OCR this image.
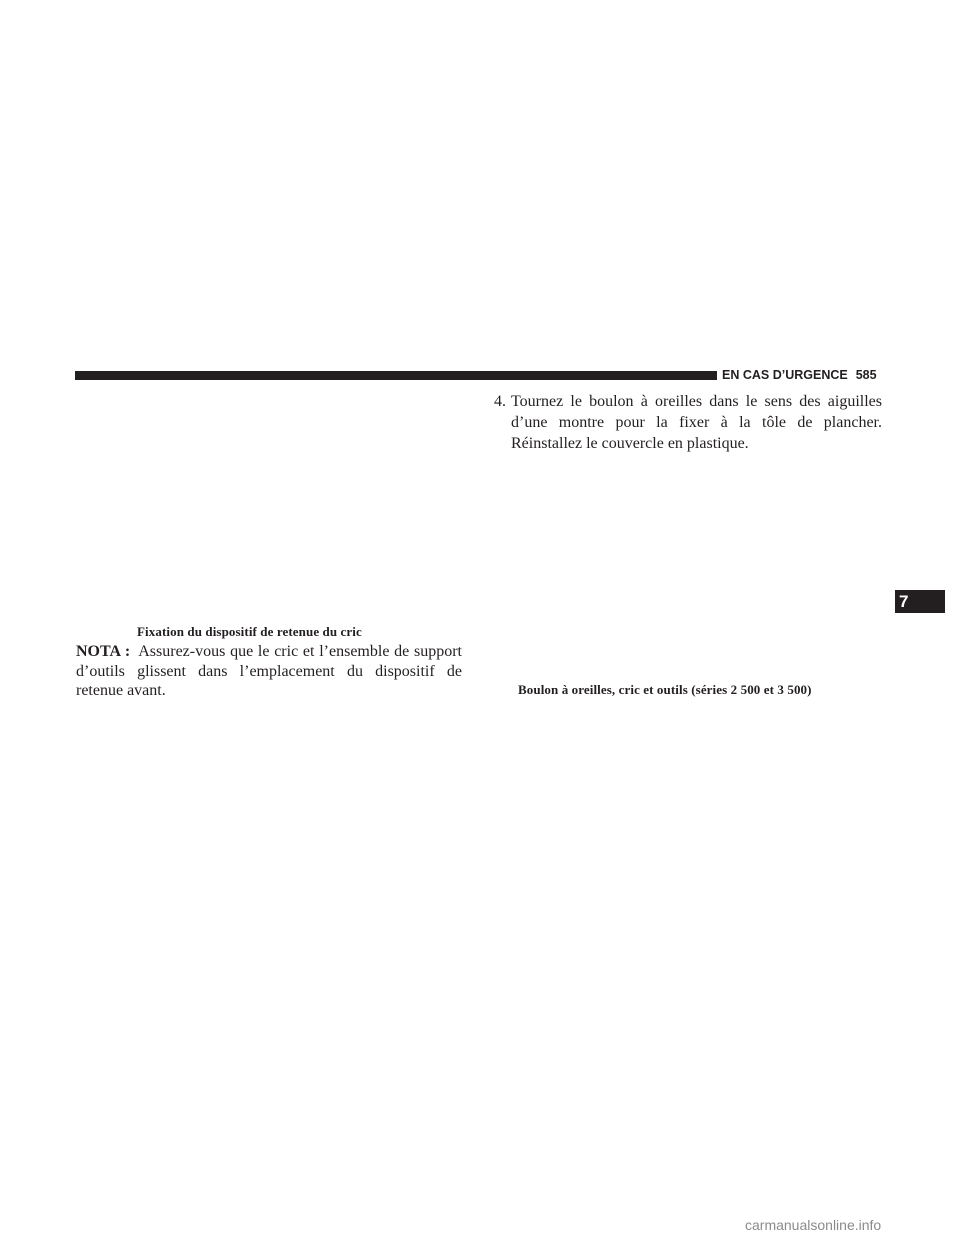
EN CAS D’URGENCE 585
Fixation du dispositif de retenue du cric
NOTA : Assurez-vous que le cric et l’ensemble de support d’outils glissent dans l’emplacement du dispositif de retenue avant.
4. Tournez le boulon à oreilles dans le sens des aiguilles d’une montre pour la fixer à la tôle de plancher. Réinstallez le couvercle en plastique.
Boulon à oreilles, cric et outils (séries 2 500 et 3 500)
7
carmanualsonline.info
